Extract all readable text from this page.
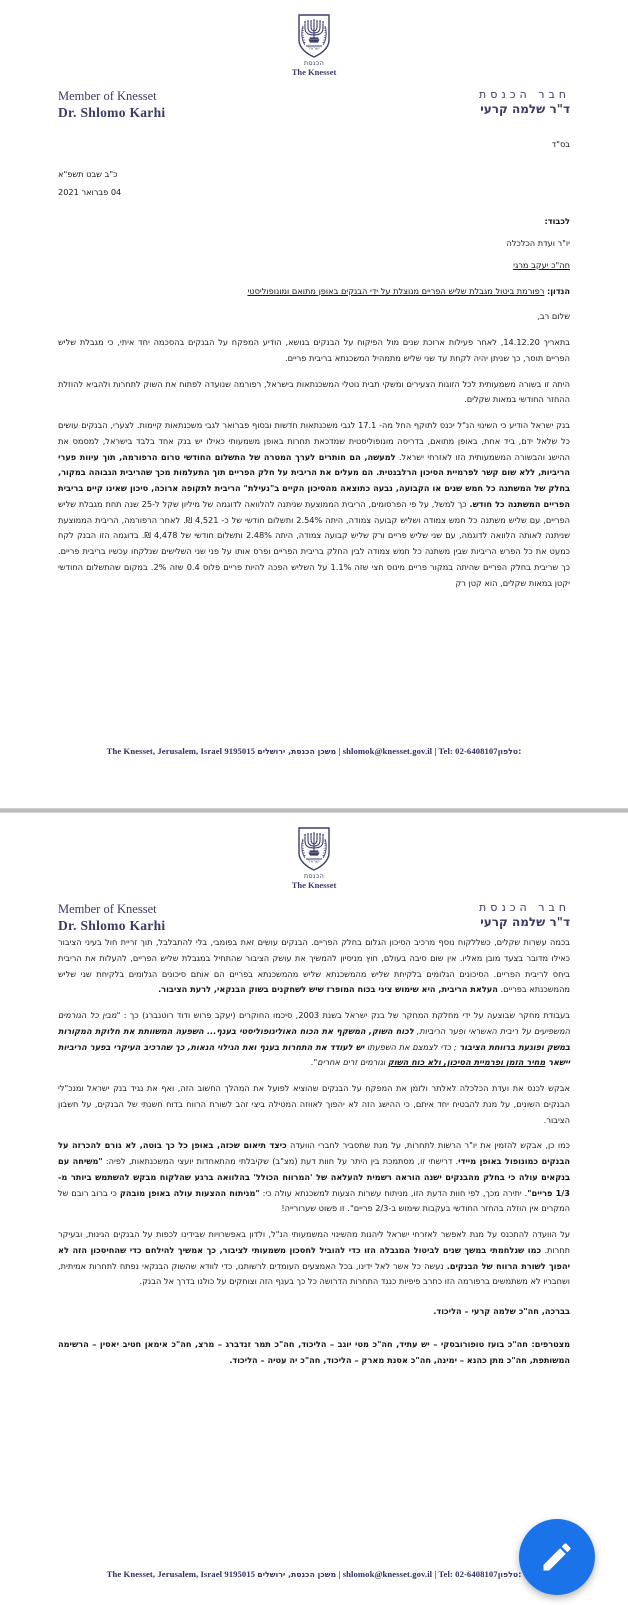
ישראל
הכנסת
The Knesset
Member of Knesset
Dr. Shlomo Karhi
חבר הכנסת
ד"ר שלמה קרעי

בס"ד

כ"ב שבט תשפ"א

04 פברואר 2021

לכבוד:

יו"ר ועדת הכלכלה

חה"כ יעקב מרגי

הנדון: רפורמת ביטול מגבלת שליש הפריים מנוצלת על ידי הבנקים באופן מתואם ומונופוליסטי

שלום רב,

בתאריך 14.12.20, לאחר פעילות ארוכת שנים מול הפיקוח על הבנקים בנושא, הודיע המפקח על הבנקים בהסכמה יחד איתי, כי מגבלת שליש הפריים תוסר, כך שניתן יהיה לקחת עד שני שליש מתמהיל המשכנתא בריבית פריים.

היתה זו בשורה משמעותית לכל הזוגות הצעירים ומשקי תבית נוטלי המשכנתאות בישראל, רפורמה שנועדה לפתוח את השוק לתחרות ולהביא להוזלת ההחזר החודשי במאות שקלים.

בנק ישראל הודיע כי השינוי הנ"ל יכנס לתוקף החל מה- 17.1 לגבי משכנתאות חדשות ובסוף פברואר לגבי משכנתאות קיימות. לצערי, הבנקים עושים כל שלאל ידם, ביד אחת, באופן מתואם, בדריסה מונופוליסטית שמדכאת תחרות באופן משמעותי כאילו יש בנק אחד בלבד בישראל, למסמס את ההישג והבשורה המשמעותית הזו לאזרחי ישראל. למעשה, הם חותרים לערך המטרה של התשלום החודשי טרום הרפורמה, תוך עיוות פערי הריביות, ללא שום קשר לפרמיית הסיכון הרלבנטית. הם מעלים את הריבית על חלק הפריים תוך התעלמות מכך שהריבית הגבוהה במקור, בחלק של המשתנה כל חמש שנים או הקבועה, נבעה כתוצאה מהסיכון הקיים ב"נעילת" הריבית לתקופה ארוכה, סיכון שאינו קיים בריבית הפריים המשתנה כל חודש. כך למשל, על פי הפרסומים, הריבית הממוצעת שניתנה להלוואה לדוגמה של מיליון שקל ל-25 שנה תחת מגבלת שליש הפריים, עם שליש משתנה כל חמש צמודה ושליש קבועה צמודה, היתה 2.54% ותשלום חודשי של כ- 4,521 ₪. לאחר הרפורמה, הריבית הממוצעת שניתנה לאותה הלוואה לדוגמה, עם שני שליש פריים ורק שליש קבועה צמודה, היתה 2.48% ותשלום חודשי של 4,478 ₪. בדוגמה הזו הבנק לקח כמעט את כל הפרש הריביות שבין משתנה כל חמש צמודה לבין החלק בריבית הפריים ופרס אותו על פני שני השלישים שנלקחו עכשיו בריבית פריים. כך שריבית בחלק הפריים שהיתה במקור פריים מינוס חצי שזה 1.1% על השליש הפכה להיות פריים פלוס 0.4 שזה 2%. במקום שהתשלום החודשי יקטן במאות שקלים, הוא קטן רק

The Knesset, Jerusalem, Israel 9195015 משכן הכנסת, ירושלים | shlomok@knesset.gov.il | Tel: 02-6408107טלפון:
ישראל
הכנסת
The Knesset
Member of Knesset
Dr. Shlomo Karhi
חבר הכנסת
ד"ר שלמה קרעי

בכמה עשרות שקלים, כשללקוח נוסף מרכיב הסיכון הגלום בחלק הפריים. הבנקים עושים זאת בפומבי, בלי להתבלבל, תוך זריית חול בעיני הציבור כאילו מדובר בצעד מובן מאליו. אין שום סיבה בעולם, חוץ מניסיון להמשיך את עושק הציבור שהתחיל במגבלת שליש הפריים, להעלות את הריבית ביחס לריבית הפריים. הסיכונים הגלומים בלקיחת שליש מהמשכנתא שליש מהמשכנתא בפריים הם אותם סיכונים הגלומים בלקיחת שני שליש מהמשכנתא בפריים. העלאת הריבית, היא שימוש ציני בכוח המופרז שיש לשחקנים בשוק הבנקאי, לרעת הציבור.

בעבודת מחקר שבוצעה על ידי מחלקת המחקר של בנק ישראל בשנת 2003, סיכמו החוקרים (יעקב פרוש ודוד רוטנברג) כך : "מבין כל הגורמים המשפיעים על ריבית האשראי ופער הריביות, לכוח השוק, המשקף את הכוח האוליגופוליסטי בענף... השפעה המשוותת את חלוקת המקורות במשק ופוגעת ברווחת הציבור ; כדי לצמצם את השפעתו יש לעודד את התחרות בענף ואת הגילוי הנאות, כך שהרכיב העיקרי בפער הריביות יישאר מחיר הזמן ופרמיית הסיכון, ולא כוח השוק וגורמים זרים אחרים".

אבקש לכנס את ועדת הכלכלה לאלתר ולזמן את המפקח על הבנקים שהוציא לפועל את המהלך החשוב הזה, ואף את נגיד בנק ישראל ומנכ"לי הבנקים השונים, על מנת להבטיח יחד איתם, כי ההישג הזה לא יהפוך לאווזה המטילה ביצי זהב לשורת הרווח בדוח חשנתי של הבנקים, על חשבון הציבור.

כמו כן, אבקש להזמין את יו"ר הרשות לתחרות, על מנת שתסביר לחברי הוועדה כיצד תיאום שכזה, באופן כל כך בוטה, לא גורם להכרזה על הבנקים כמונופול באופן מיידי. דרישתי זו, מסתמכת בין היתר על חוות דעת (מצ"ב) שקיבלתי מהתאחדות יועצי המשכנתאות, לפיה: "משיחה עם בנקאים עולה כי בחלק מהבנקים ישנה הוראה רשמית להעלאה של 'המרווח הכולל' בהלוואה ברגע שהלקוח מבקש להשתמש ביותר מ- 1/3 פריים". יתירה מכך, לפי חוות הדעת הזו, מניתוח עשרות הצעות למשכנתא עולה כי: "מניתוח ההצעות עולה באופן מובהק כי ברוב רובם של המקרים אין הוזלה בהחזר החודשי בעקבות שימוש ב-2/3 פריים". זו פשוט שערורייה!

על הוועדה להתכנס על מנת לאפשר לאזרחי ישראל ליהנות מהשינוי המשמעותי הנ"ל, ולדון באפשרויות שבידינו לכפות על הבנקים הגינות, ובעיקר תחרות. כמו שנלחמתי במשך שנים לביטול המגבלה הזו כדי להוביל לחסכון משמעותי לציבור, כך אמשיך להילחם כדי שהחיסכון הזה לא יהפוך לשורת הרווח של הבנקים. נעשה כל אשר לאל ידינו, בכל האמצעים העומדים לרשותנו, כדי לוודא שהשוק הבנקאי נפתח לתחרות אמיתית, ושחבריו לא משתמשים ברפורמה הזו כחרב פיפיות כנגד התחרות הדרושה כל כך בענף הזה וצוחקים על כולנו בדרך אל הבנק.

בברכה, חה"כ שלמה קרעי – הליכוד.

מצטרפים: חה"כ בועז טופורובסקי – יש עתיד, חה"כ מטי יוגב – הליכוד, חה"כ תמר זנדברג – מרצ, חה"כ אימאן חטיב יאסין – הרשימה המשותפת, חה"כ מתן כהנא – ימינה, חה"כ אסנת מארק – הליכוד, חה"כ יה עטיה – הליכוד.

The Knesset, Jerusalem, Israel 9195015 משכן הכנסת, ירושלים | shlomok@knesset.gov.il | Tel: 02-6408107טלפון:
